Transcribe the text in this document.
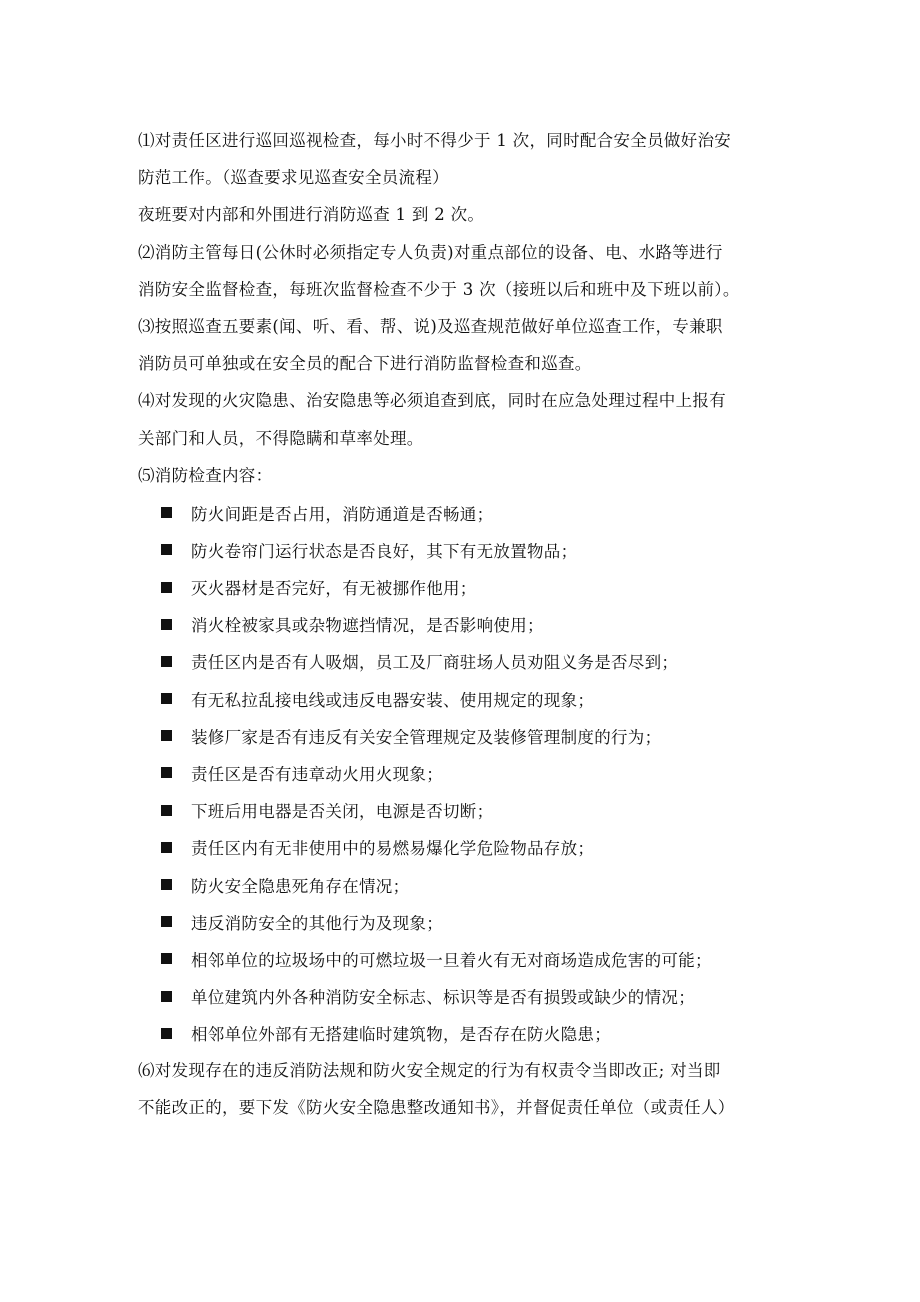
⑴对责任区进行巡回巡视检查，每小时不得少于 1 次，同时配合安全员做好治安
防范工作。（巡查要求见巡查安全员流程）

夜班要对内部和外围进行消防巡查 1 到 2 次。

⑵消防主管每日(公休时必须指定专人负责)对重点部位的设备、电、水路等进行
消防安全监督检查，每班次监督检查不少于 3 次（接班以后和班中及下班以前）。

⑶按照巡查五要素(闻、听、看、帮、说)及巡查规范做好单位巡查工作，专兼职
消防员可单独或在安全员的配合下进行消防监督检查和巡查。

⑷对发现的火灾隐患、治安隐患等必须追查到底，同时在应急处理过程中上报有
关部门和人员，不得隐瞒和草率处理。

⑸消防检查内容：

防火间距是否占用，消防通道是否畅通；
防火卷帘门运行状态是否良好，其下有无放置物品；
灭火器材是否完好，有无被挪作他用；
消火栓被家具或杂物遮挡情况，是否影响使用；
责任区内是否有人吸烟，员工及厂商驻场人员劝阻义务是否尽到；
有无私拉乱接电线或违反电器安装、使用规定的现象；
装修厂家是否有违反有关安全管理规定及装修管理制度的行为；
责任区是否有违章动火用火现象；
下班后用电器是否关闭，电源是否切断；
责任区内有无非使用中的易燃易爆化学危险物品存放；
防火安全隐患死角存在情况；
违反消防安全的其他行为及现象；
相邻单位的垃圾场中的可燃垃圾一旦着火有无对商场造成危害的可能；
单位建筑内外各种消防安全标志、标识等是否有损毁或缺少的情况；
相邻单位外部有无搭建临时建筑物，是否存在防火隐患；

⑹对发现存在的违反消防法规和防火安全规定的行为有权责令当即改正; 对当即
不能改正的，要下发《防火安全隐患整改通知书》，并督促责任单位（或责任人）
